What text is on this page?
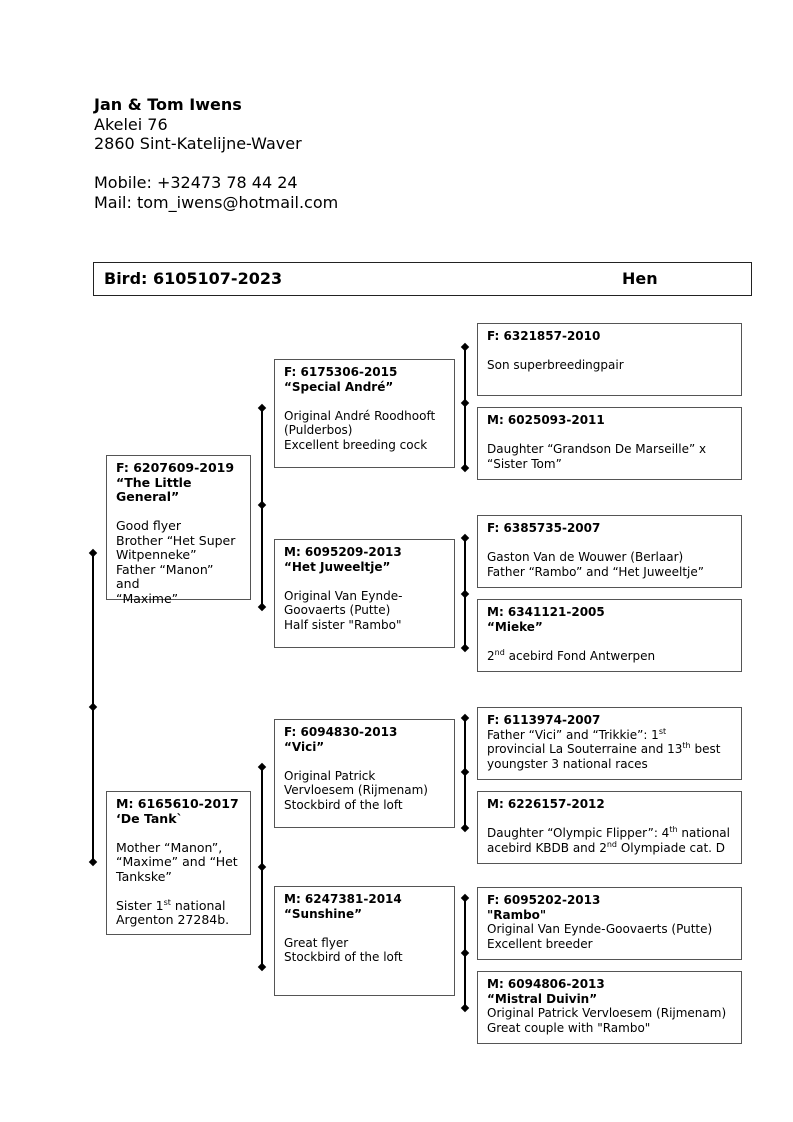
Jan & Tom Iwens
Akelei 76
2860 Sint-Katelijne-Waver
Mobile: +32473 78 44 24
Mail: tom_iwens@hotmail.com
Bird: 6105107-2023	Hen
F: 6207609-2019
“The Little
General”
Good flyer
Brother “Het Super
Witpenneke”
Father “Manon” and
“Maxime”
M: 6165610-2017
‘De Tank`
Mother “Manon”,
“Maxime” and “Het
Tankske”
Sister 1st national
Argenton 27284b.
F: 6175306-2015
“Special André”
Original André Roodhooft
(Pulderbos)
Excellent breeding cock
M: 6095209-2013
“Het Juweeltje”
Original Van Eynde-
Goovaerts (Putte)
Half sister "Rambo"
F: 6094830-2013
“Vici”
Original Patrick
Vervloesem (Rijmenam)
Stockbird of the loft
M: 6247381-2014
“Sunshine”
Great flyer
Stockbird of the loft
F: 6321857-2010
Son superbreedingpair
M: 6025093-2011
Daughter “Grandson De Marseille” x
“Sister Tom”
F: 6385735-2007
Gaston Van de Wouwer (Berlaar)
Father “Rambo” and “Het Juweeltje”
M: 6341121-2005
“Mieke”
2nd acebird Fond Antwerpen
F: 6113974-2007
Father “Vici” and “Trikkie”: 1st
provincial La Souterraine and 13th best
youngster 3 national races
M: 6226157-2012
Daughter “Olympic Flipper”: 4th national
acebird KBDB and 2nd Olympiade cat. D
F: 6095202-2013
"Rambo"
Original Van Eynde-Goovaerts (Putte)
Excellent breeder
M: 6094806-2013
“Mistral Duivin”
Original Patrick Vervloesem (Rijmenam)
Great couple with "Rambo"
